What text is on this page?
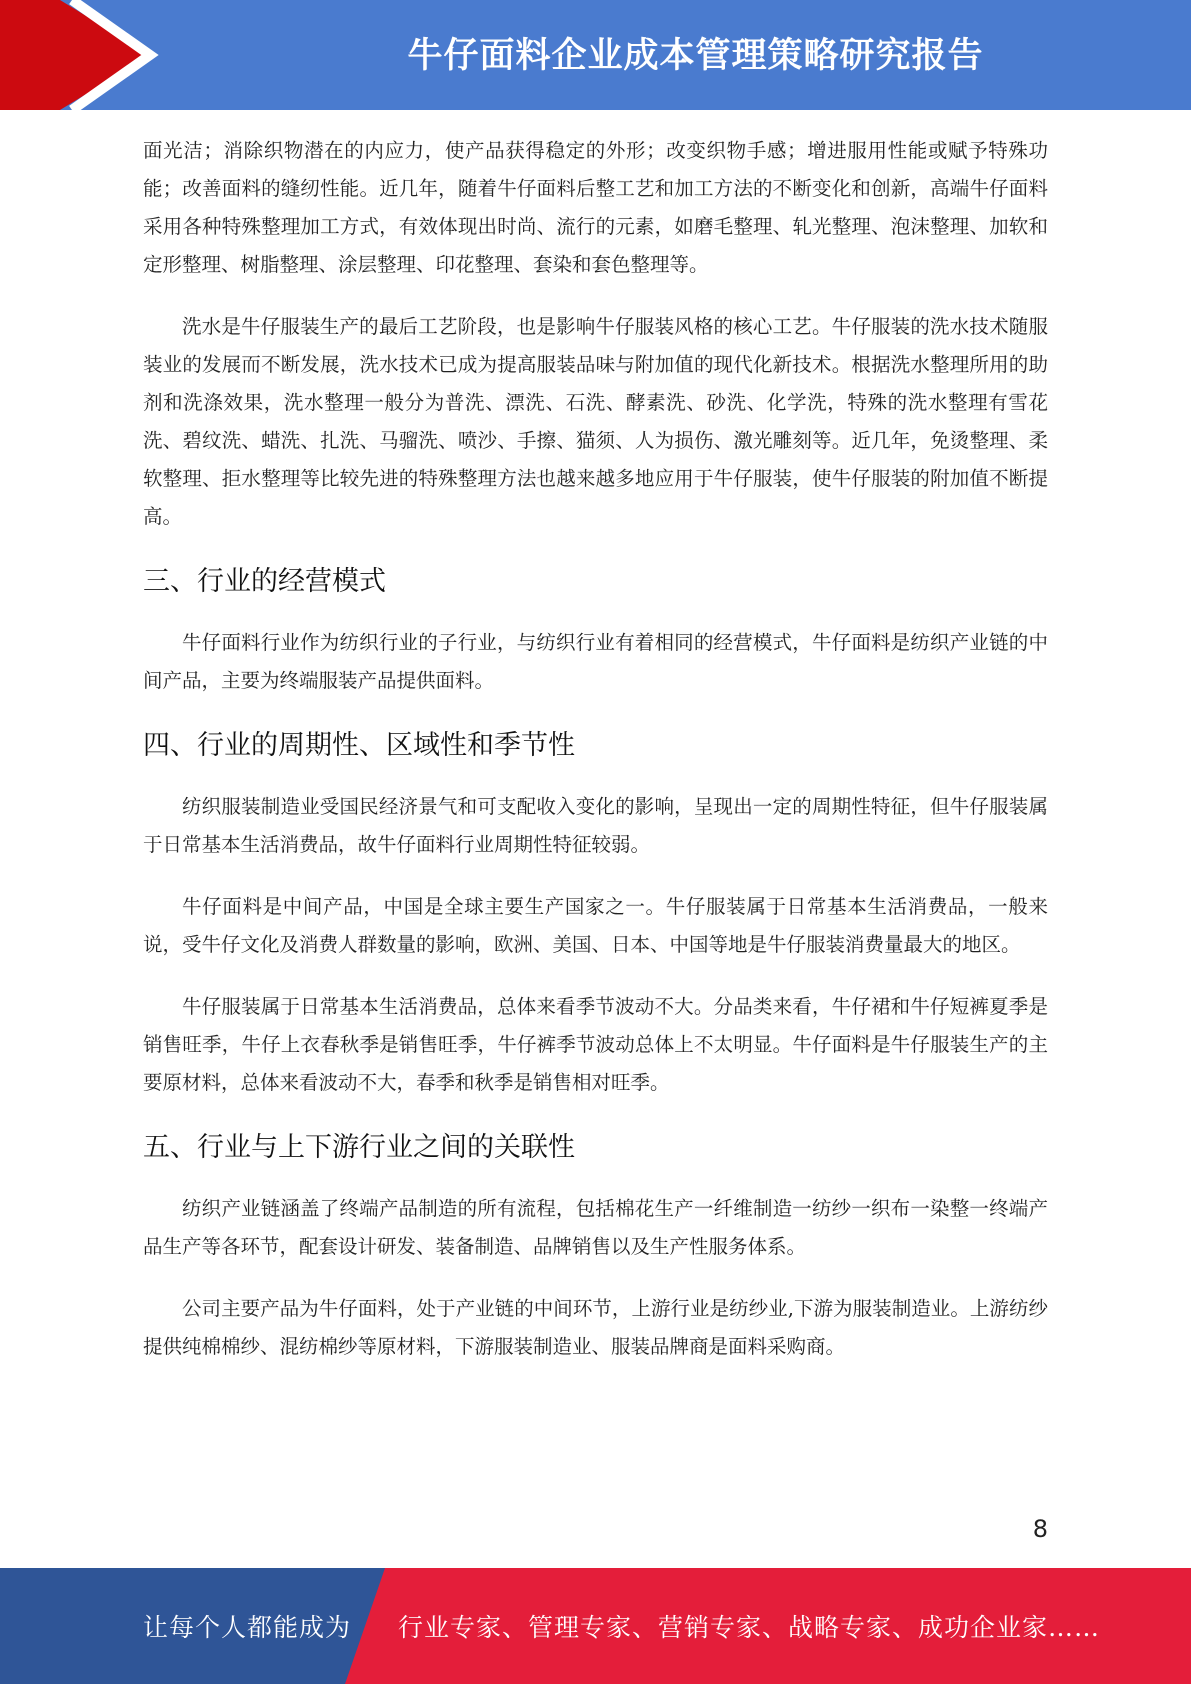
牛仔面料企业成本管理策略研究报告

面光洁；消除织物潜在的内应力，使产品获得稳定的外形；改变织物手感；增进服用性能或赋予特殊功能；改善面料的缝纫性能。近几年，随着牛仔面料后整工艺和加工方法的不断变化和创新，高端牛仔面料采用各种特殊整理加工方式，有效体现出时尚、流行的元素，如磨毛整理、轧光整理、泡沫整理、加软和定形整理、树脂整理、涂层整理、印花整理、套染和套色整理等。

洗水是牛仔服装生产的最后工艺阶段，也是影响牛仔服装风格的核心工艺。牛仔服装的洗水技术随服装业的发展而不断发展，洗水技术已成为提高服装品味与附加值的现代化新技术。根据洗水整理所用的助剂和洗涤效果，洗水整理一般分为普洗、漂洗、石洗、酵素洗、砂洗、化学洗，特殊的洗水整理有雪花洗、碧纹洗、蜡洗、扎洗、马骝洗、喷沙、手擦、猫须、人为损伤、激光雕刻等。近几年，免烫整理、柔软整理、拒水整理等比较先进的特殊整理方法也越来越多地应用于牛仔服装，使牛仔服装的附加值不断提高。

三、行业的经营模式

牛仔面料行业作为纺织行业的子行业，与纺织行业有着相同的经营模式，牛仔面料是纺织产业链的中间产品，主要为终端服装产品提供面料。

四、行业的周期性、区域性和季节性

纺织服装制造业受国民经济景气和可支配收入变化的影响，呈现出一定的周期性特征，但牛仔服装属于日常基本生活消费品，故牛仔面料行业周期性特征较弱。

牛仔面料是中间产品，中国是全球主要生产国家之一。牛仔服装属于日常基本生活消费品，一般来说，受牛仔文化及消费人群数量的影响，欧洲、美国、日本、中国等地是牛仔服装消费量最大的地区。

牛仔服装属于日常基本生活消费品，总体来看季节波动不大。分品类来看，牛仔裙和牛仔短裤夏季是销售旺季，牛仔上衣春秋季是销售旺季，牛仔裤季节波动总体上不太明显。牛仔面料是牛仔服装生产的主要原材料，总体来看波动不大，春季和秋季是销售相对旺季。

五、行业与上下游行业之间的关联性

纺织产业链涵盖了终端产品制造的所有流程，包括棉花生产一纤维制造一纺纱一织布一染整一终端产品生产等各环节，配套设计研发、装备制造、品牌销售以及生产性服务体系。

公司主要产品为牛仔面料，处于产业链的中间环节，上游行业是纺纱业,下游为服装制造业。上游纺纱提供纯棉棉纱、混纺棉纱等原材料，下游服装制造业、服装品牌商是面料采购商。

8
让每个人都能成为 行业专家、管理专家、营销专家、战略专家、成功企业家……
